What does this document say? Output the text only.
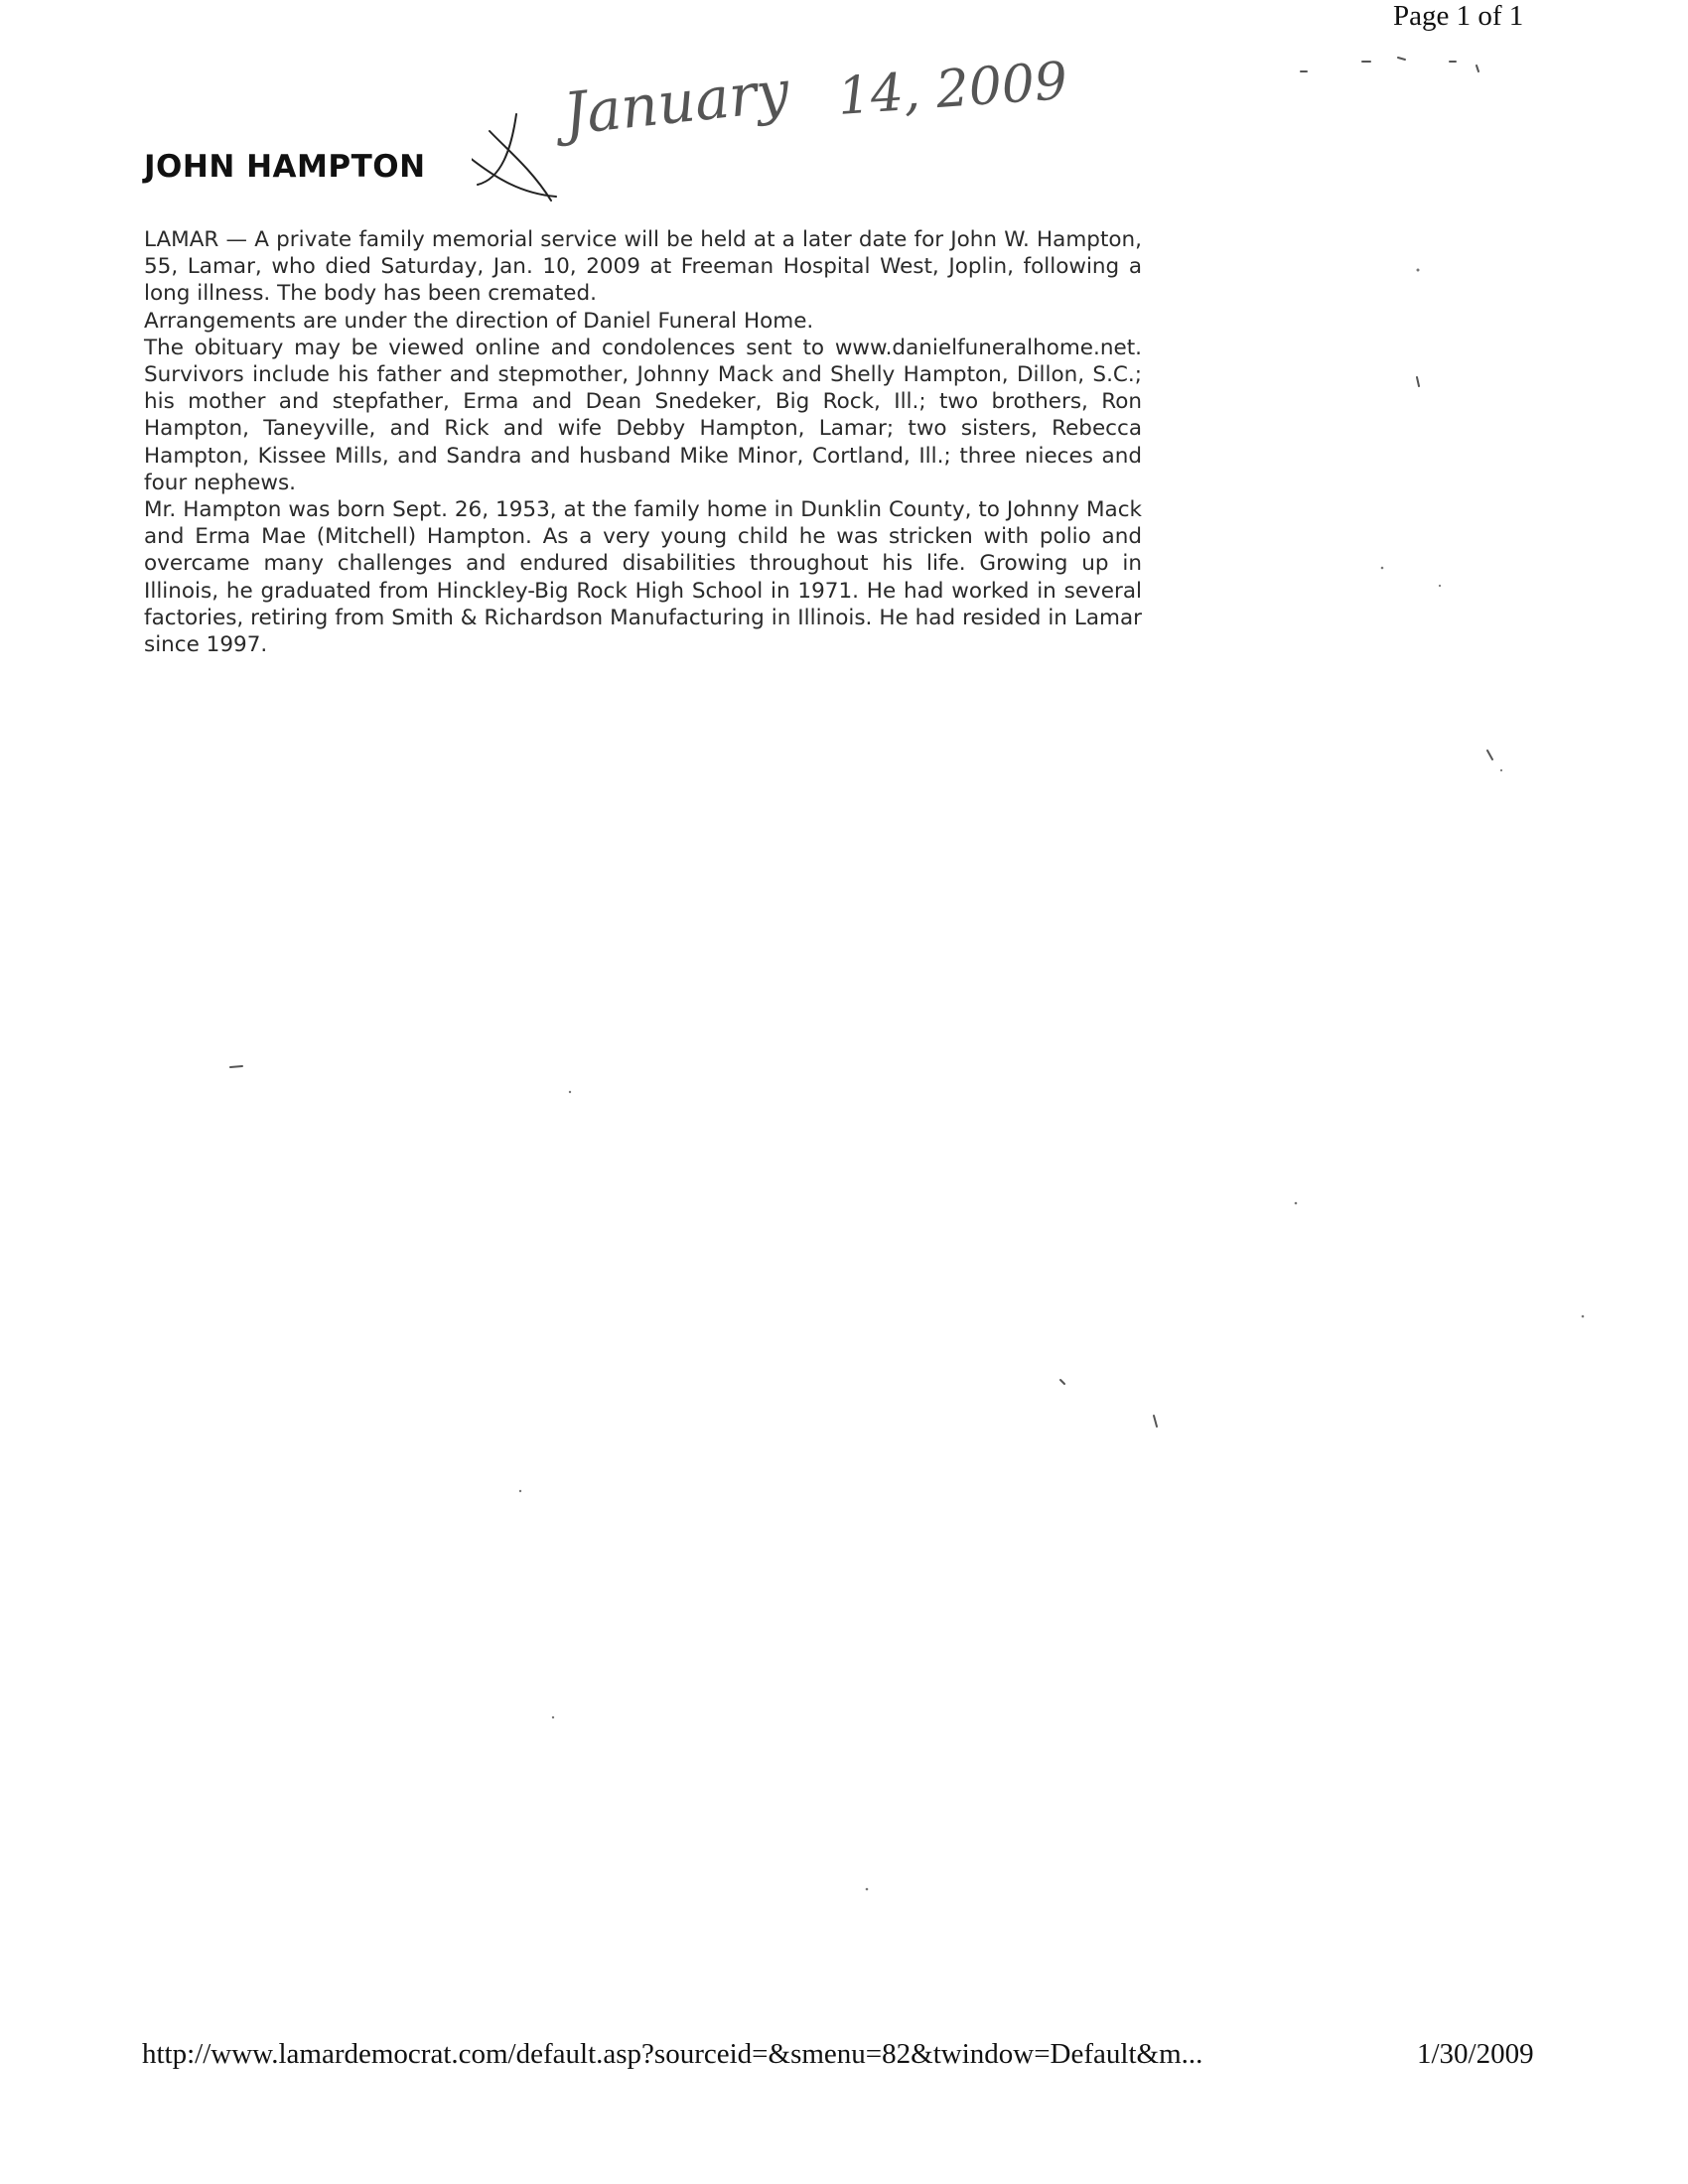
Page 1 of 1
January 14, 2009
JOHN HAMPTON

LAMAR — A private family memorial service will be held at a later date for John W. Hampton, 55, Lamar, who died Saturday, Jan. 10, 2009 at Freeman Hospital West, Joplin, following a long illness. The body has been cremated.

Arrangements are under the direction of Daniel Funeral Home.

The obituary may be viewed online and condolences sent to www.danielfuneralhome.net.

Survivors include his father and stepmother, Johnny Mack and Shelly Hampton, Dillon, S.C.; his mother and stepfather, Erma and Dean Snedeker, Big Rock, Ill.; two brothers, Ron Hampton, Taneyville, and Rick and wife Debby Hampton, Lamar; two sisters, Rebecca Hampton, Kissee Mills, and Sandra and husband Mike Minor, Cortland, Ill.; three nieces and four nephews.

Mr. Hampton was born Sept. 26, 1953, at the family home in Dunklin County, to Johnny Mack and Erma Mae (Mitchell) Hampton. As a very young child he was stricken with polio and overcame many challenges and endured disabilities throughout his life. Growing up in Illinois, he graduated from Hinckley-Big Rock High School in 1971. He had worked in several factories, retiring from Smith & Richardson Manufacturing in Illinois. He had resided in Lamar since 1997.

http://www.lamardemocrat.com/default.asp?sourceid=&smenu=82&twindow=Default&m...	1/30/2009
